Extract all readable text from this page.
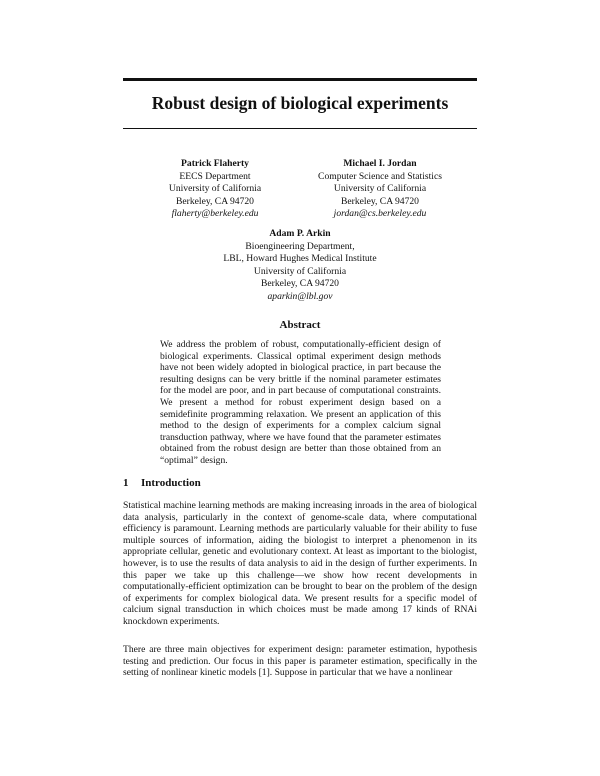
Robust design of biological experiments
Patrick Flaherty
EECS Department
University of California
Berkeley, CA 94720
flaherty@berkeley.edu
Michael I. Jordan
Computer Science and Statistics
University of California
Berkeley, CA 94720
jordan@cs.berkeley.edu
Adam P. Arkin
Bioengineering Department,
LBL, Howard Hughes Medical Institute
University of California
Berkeley, CA 94720
aparkin@lbl.gov
Abstract
We address the problem of robust, computationally-efficient design of biological experiments. Classical optimal experiment design methods have not been widely adopted in biological practice, in part because the resulting designs can be very brittle if the nominal parameter estimates for the model are poor, and in part because of computational constraints. We present a method for robust experiment design based on a semidefinite programming relaxation. We present an application of this method to the design of experiments for a complex calcium signal transduction pathway, where we have found that the parameter estimates obtained from the robust design are better than those obtained from an “optimal” design.
1 Introduction
Statistical machine learning methods are making increasing inroads in the area of biological data analysis, particularly in the context of genome-scale data, where computational efficiency is paramount. Learning methods are particularly valuable for their ability to fuse multiple sources of information, aiding the biologist to interpret a phenomenon in its appropriate cellular, genetic and evolutionary context. At least as important to the biologist, however, is to use the results of data analysis to aid in the design of further experiments. In this paper we take up this challenge—we show how recent developments in computationally-efficient optimization can be brought to bear on the problem of the design of experiments for complex biological data. We present results for a specific model of calcium signal transduction in which choices must be made among 17 kinds of RNAi knockdown experiments.
There are three main objectives for experiment design: parameter estimation, hypothesis testing and prediction. Our focus in this paper is parameter estimation, specifically in the setting of nonlinear kinetic models [1]. Suppose in particular that we have a nonlinear
